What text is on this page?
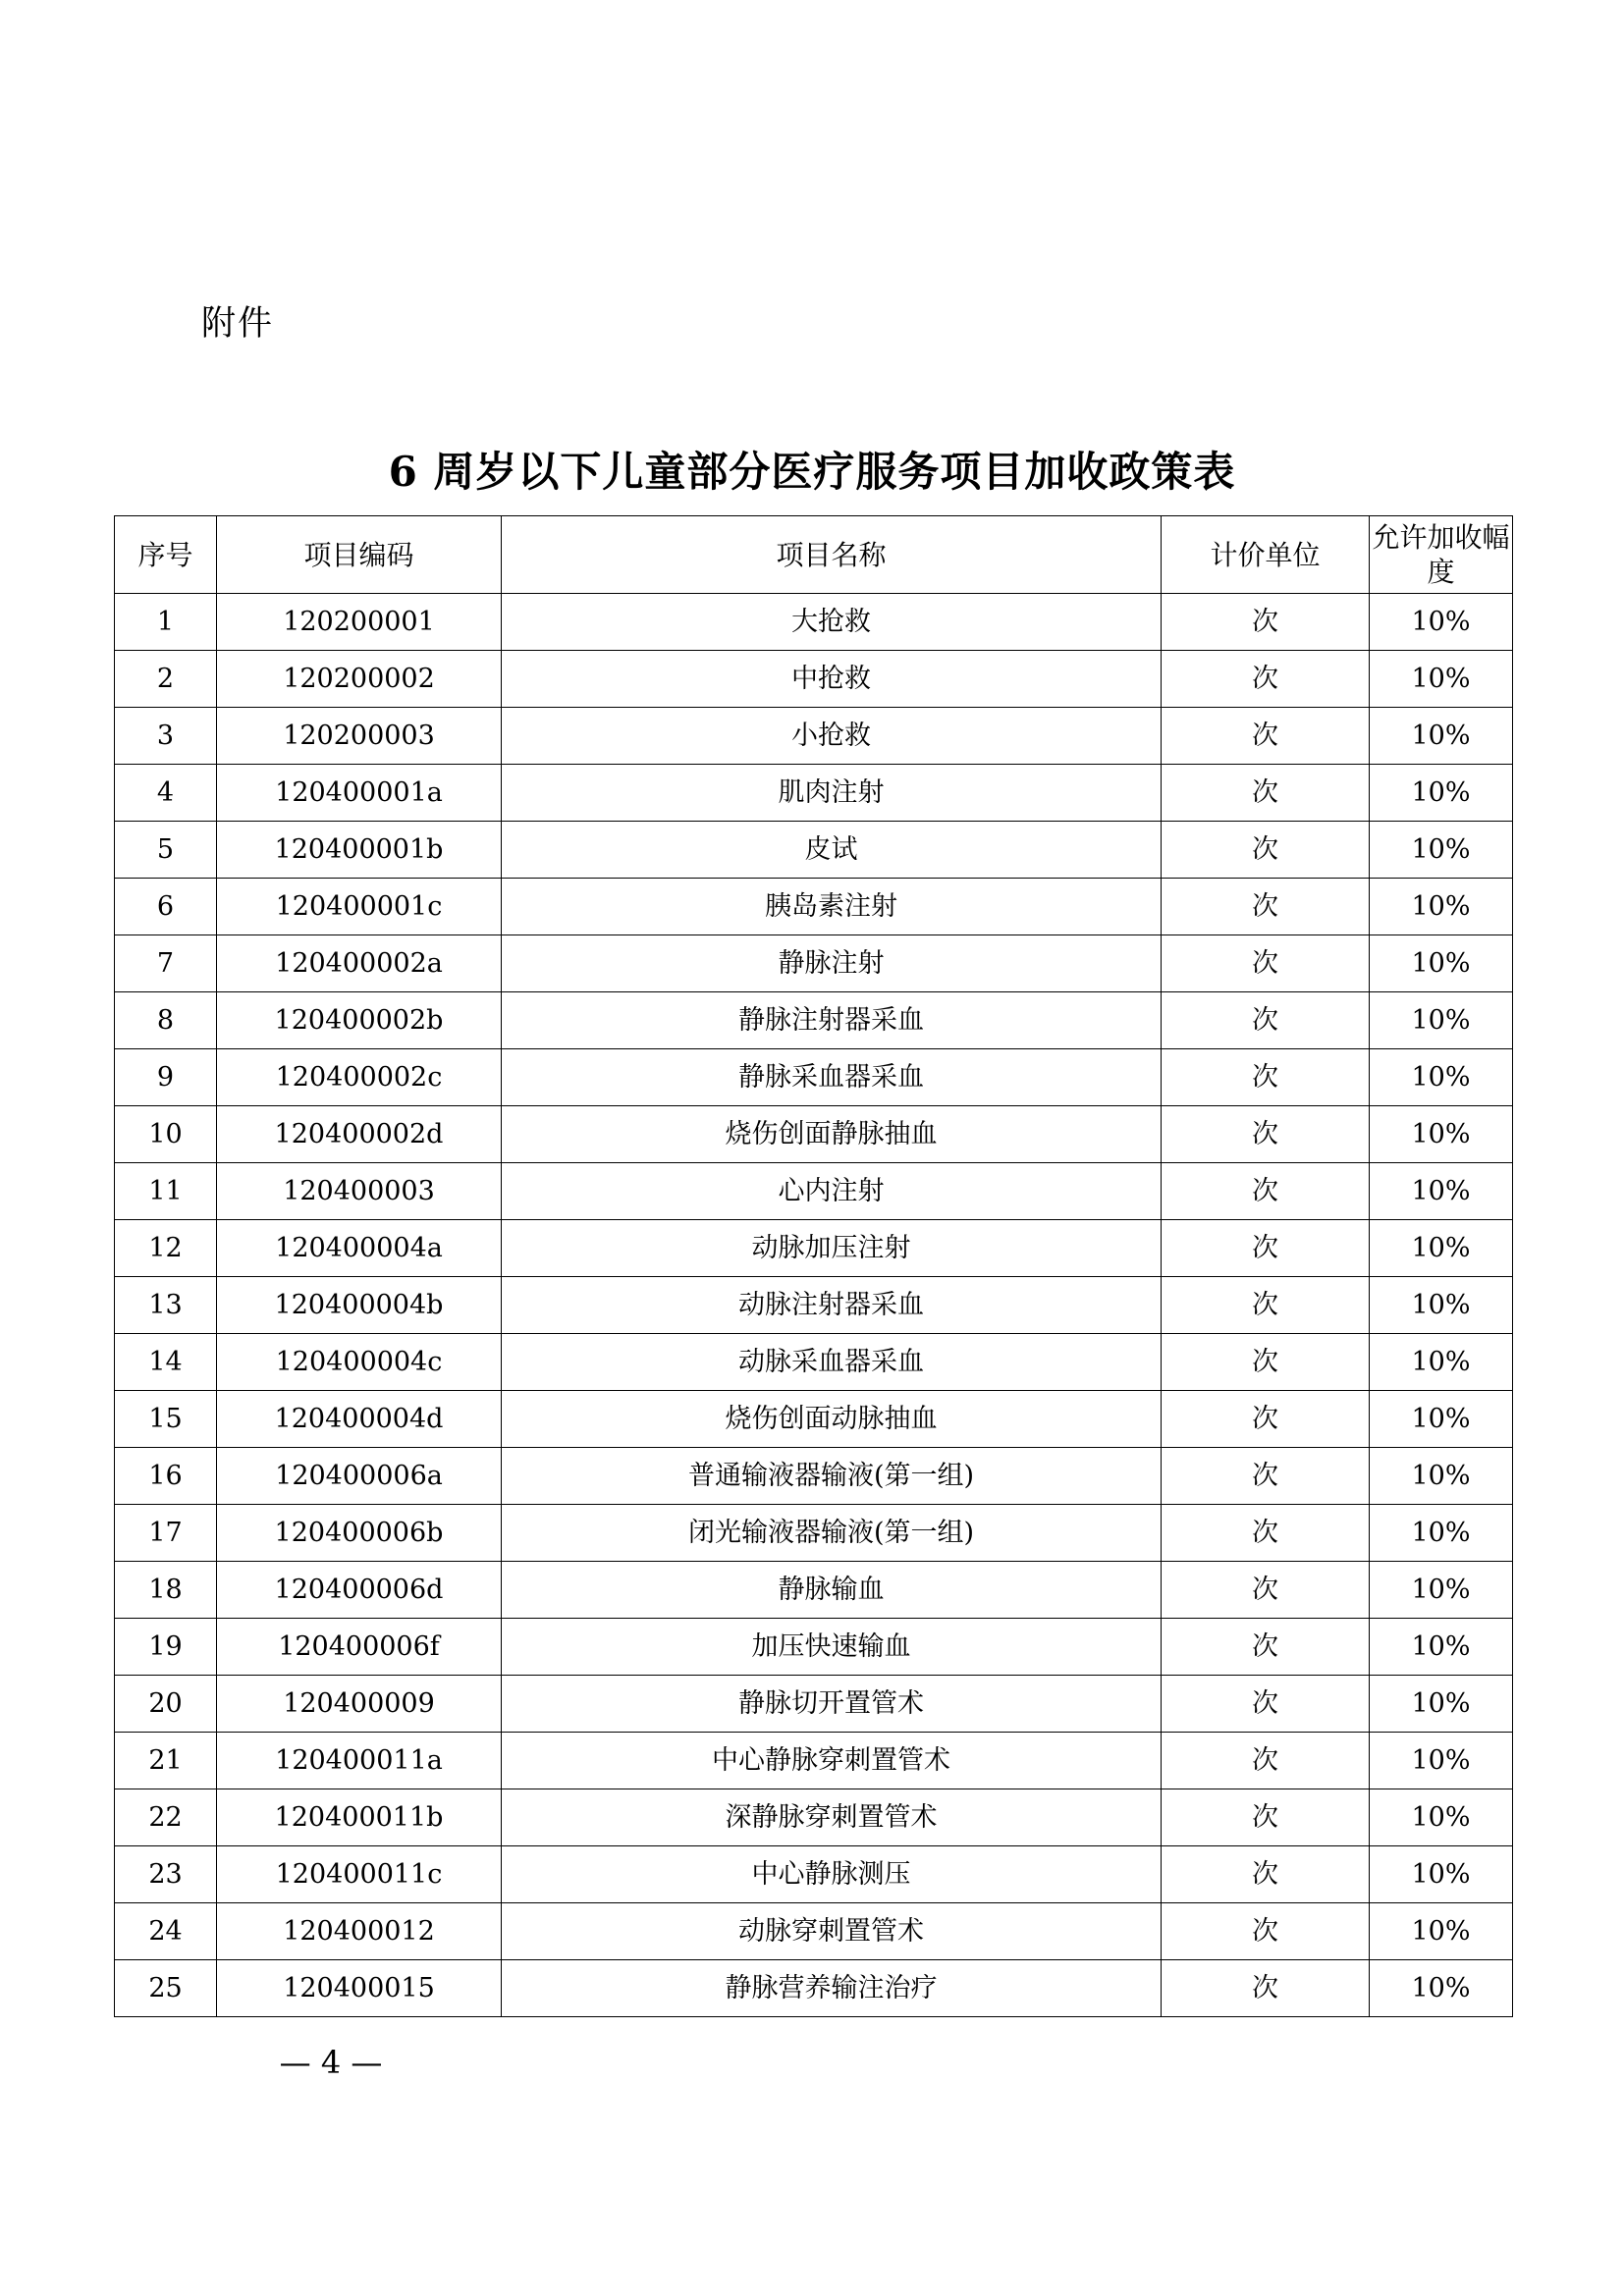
附件
6 周岁以下儿童部分医疗服务项目加收政策表
序号	项目编码	项目名称	计价单位	允许加收幅度
1	120200001	大抢救	次	10%
2	120200002	中抢救	次	10%
3	120200003	小抢救	次	10%
4	120400001a	肌肉注射	次	10%
5	120400001b	皮试	次	10%
6	120400001c	胰岛素注射	次	10%
7	120400002a	静脉注射	次	10%
8	120400002b	静脉注射器采血	次	10%
9	120400002c	静脉采血器采血	次	10%
10	120400002d	烧伤创面静脉抽血	次	10%
11	120400003	心内注射	次	10%
12	120400004a	动脉加压注射	次	10%
13	120400004b	动脉注射器采血	次	10%
14	120400004c	动脉采血器采血	次	10%
15	120400004d	烧伤创面动脉抽血	次	10%
16	120400006a	普通输液器输液(第一组)	次	10%
17	120400006b	闭光输液器输液(第一组)	次	10%
18	120400006d	静脉输血	次	10%
19	120400006f	加压快速输血	次	10%
20	120400009	静脉切开置管术	次	10%
21	120400011a	中心静脉穿刺置管术	次	10%
22	120400011b	深静脉穿刺置管术	次	10%
23	120400011c	中心静脉测压	次	10%
24	120400012	动脉穿刺置管术	次	10%
25	120400015	静脉营养输注治疗	次	10%
— 4 —
